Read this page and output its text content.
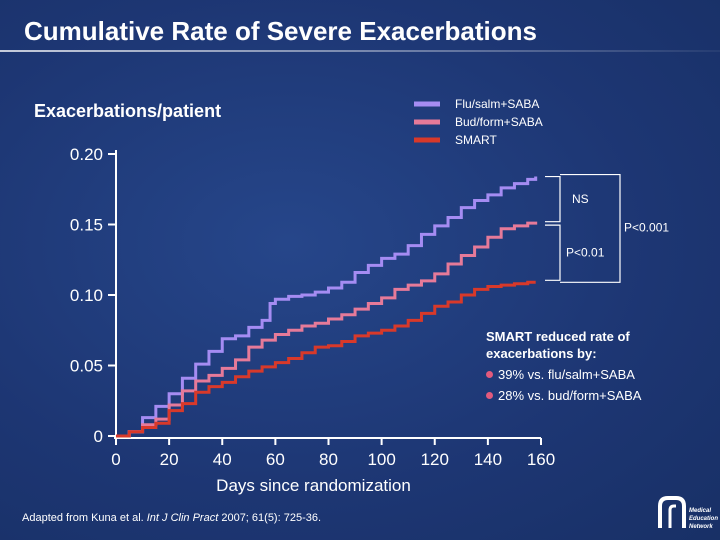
Cumulative Rate of Severe Exacerbations
Exacerbations/patient
0
0.05
0.10
0.15
0.20
0 20 40 60 80 100 120 140 160
Days since randomization
Flu/salm+SABA
Bud/form+SABA
SMART
NS
P<0.001
P<0.01
SMART reduced rate of exacerbations by:
39% vs. flu/salm+SABA
28% vs. bud/form+SABA
Adapted from Kuna et al. Int J Clin Pract 2007; 61(5): 725-36.
Medical
Education
Network
